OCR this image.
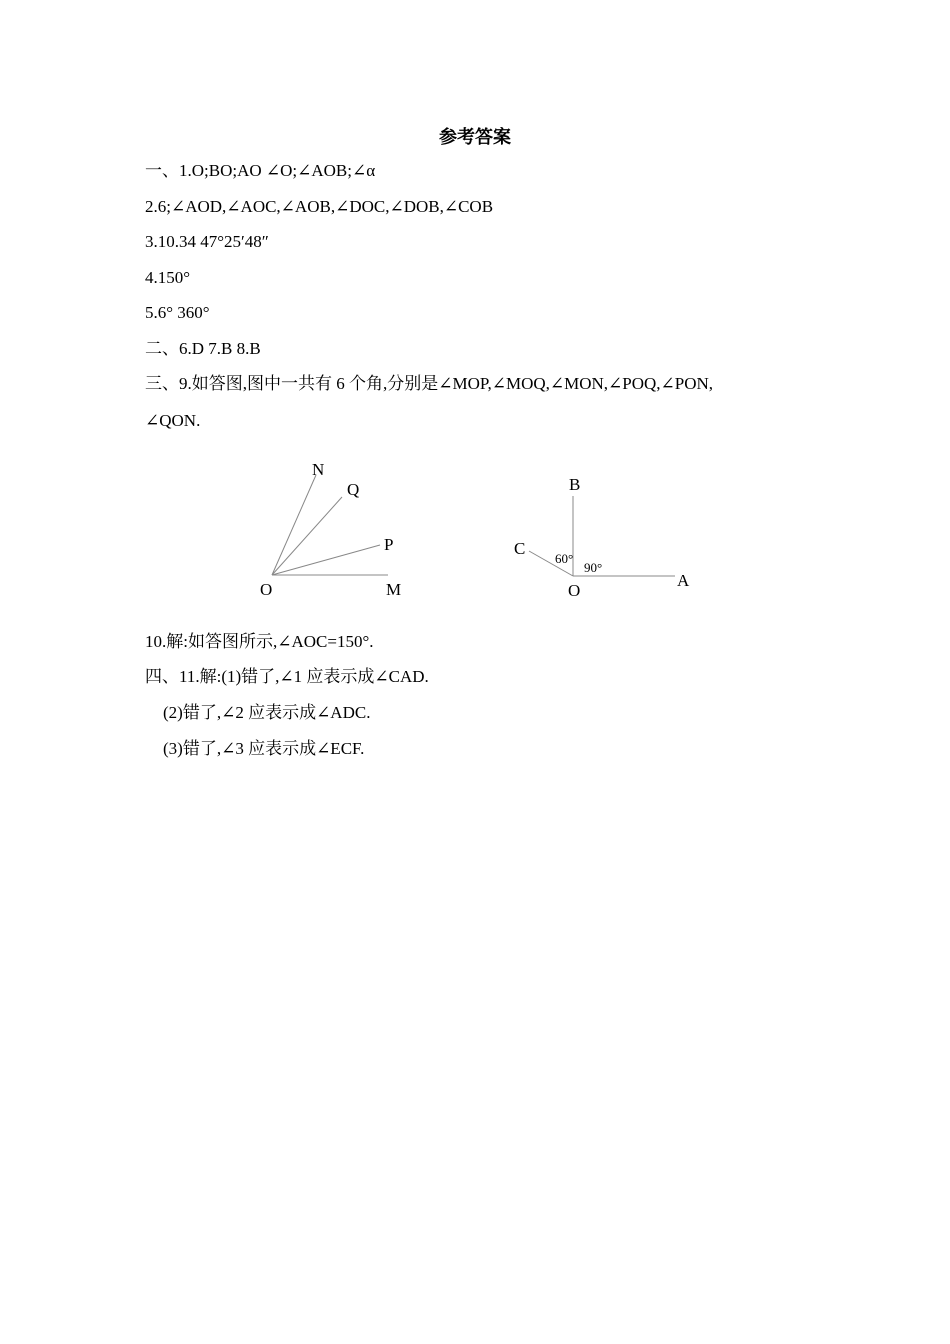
参考答案
一、1.O;BO;AO ∠O;∠AOB;∠α
2.6;∠AOD,∠AOC,∠AOB,∠DOC,∠DOB,∠COB
3.10.34 47°25′48″
4.150°
5.6° 360°
二、6.D 7.B 8.B
三、9.如答图,图中一共有 6 个角,分别是∠MOP,∠MOQ,∠MON,∠POQ,∠PON,
∠QON.
N
Q
P
O	M
B
C
O
A
60°
90°
10.解:如答图所示,∠AOC=150°.
四、11.解:(1)错了,∠1 应表示成∠CAD.
(2)错了,∠2 应表示成∠ADC.
(3)错了,∠3 应表示成∠ECF.
